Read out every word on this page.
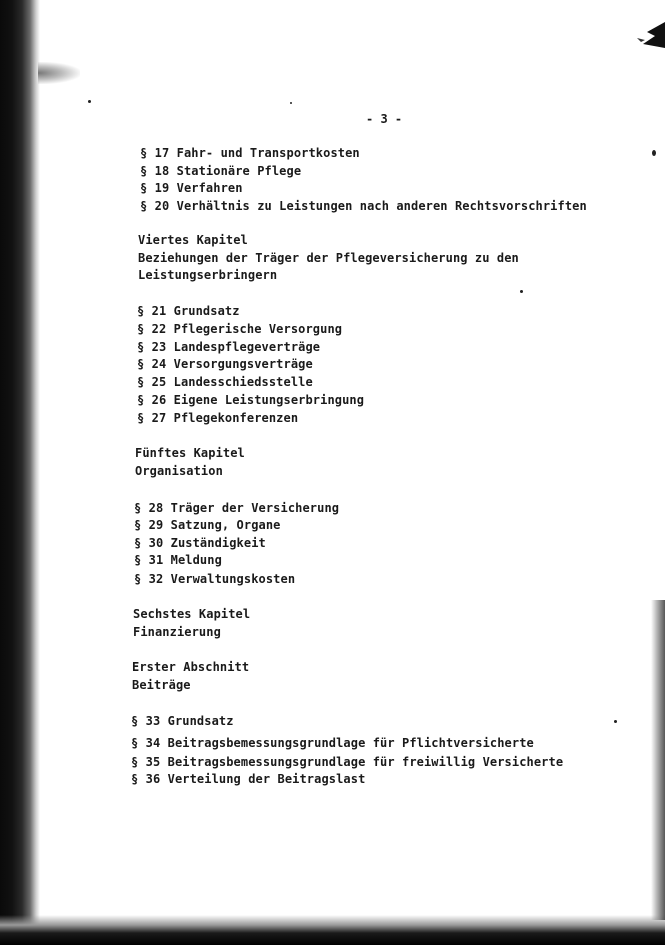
- 3 -
§ 17 Fahr- und Transportkosten
§ 18 Stationäre Pflege
§ 19 Verfahren
§ 20 Verhältnis zu Leistungen nach anderen Rechtsvorschriften
Viertes Kapitel
Beziehungen der Träger der Pflegeversicherung zu den
Leistungserbringern
§ 21 Grundsatz
§ 22 Pflegerische Versorgung
§ 23 Landespflegeverträge
§ 24 Versorgungsverträge
§ 25 Landesschiedsstelle
§ 26 Eigene Leistungserbringung
§ 27 Pflegekonferenzen
Fünftes Kapitel
Organisation
§ 28 Träger der Versicherung
§ 29 Satzung, Organe
§ 30 Zuständigkeit
§ 31 Meldung
§ 32 Verwaltungskosten
Sechstes Kapitel
Finanzierung
Erster Abschnitt
Beiträge
§ 33 Grundsatz
§ 34 Beitragsbemessungsgrundlage für Pflichtversicherte
§ 35 Beitragsbemessungsgrundlage für freiwillig Versicherte
§ 36 Verteilung der Beitragslast
